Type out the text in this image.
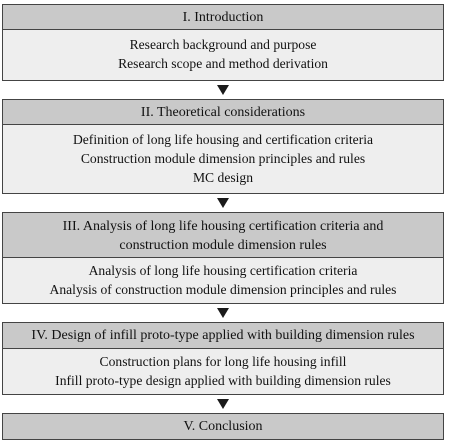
I. Introduction
Research background and purpose
Research scope and method derivation
II. Theoretical considerations
Definition of long life housing and certification criteria
Construction module dimension principles and rules
MC design
III. Analysis of long life housing certification criteria and
construction module dimension rules
Analysis of long life housing certification criteria
Analysis of construction module dimension principles and rules
IV. Design of infill proto-type applied with building dimension rules
Construction plans for long life housing infill
Infill proto-type design applied with building dimension rules
V. Conclusion
